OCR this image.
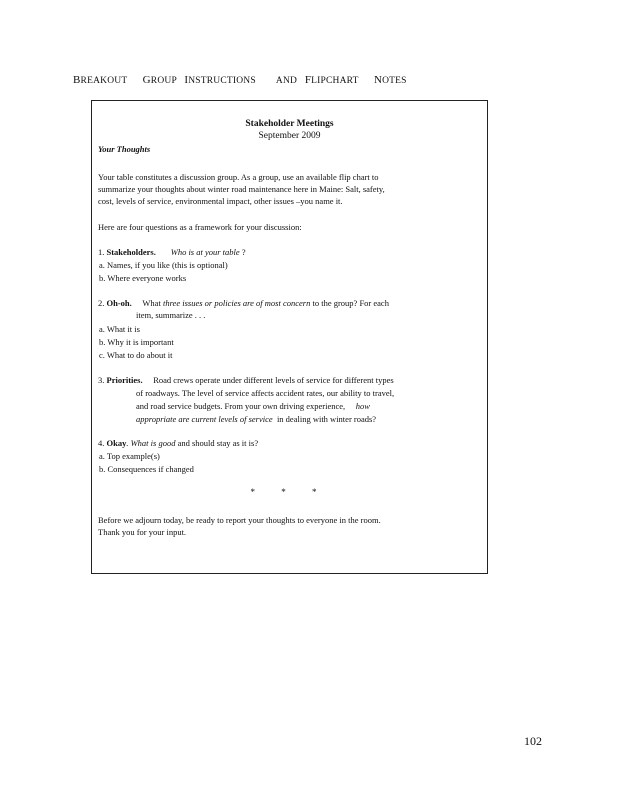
BREAKOUT GROUP INSTRUCTIONS AND FLIPCHART NOTES
Stakeholder Meetings
September 2009
Your Thoughts
Your table constitutes a discussion group. As a group, use an available flip chart to
summarize your thoughts about winter road maintenance here in Maine: Salt, safety,
cost, levels of service, environmental impact, other issues –you name it.
Here are four questions as a framework for your discussion:
1. Stakeholders. Who is at your table ?
a. Names, if you like (this is optional)
b. Where everyone works
2. Oh-oh. What three issues or policies are of most concern to the group? For each
item, summarize . . .
a. What it is
b. Why it is important
c. What to do about it
3. Priorities. Road crews operate under different levels of service for different types
of roadways. The level of service affects accident rates, our ability to travel,
and road service budgets. From your own driving experience, how
appropriate are current levels of service in dealing with winter roads?
4. Okay. What is good and should stay as it is?
a. Top example(s)
b. Consequences if changed
* * *
Before we adjourn today, be ready to report your thoughts to everyone in the room.
Thank you for your input.
102
